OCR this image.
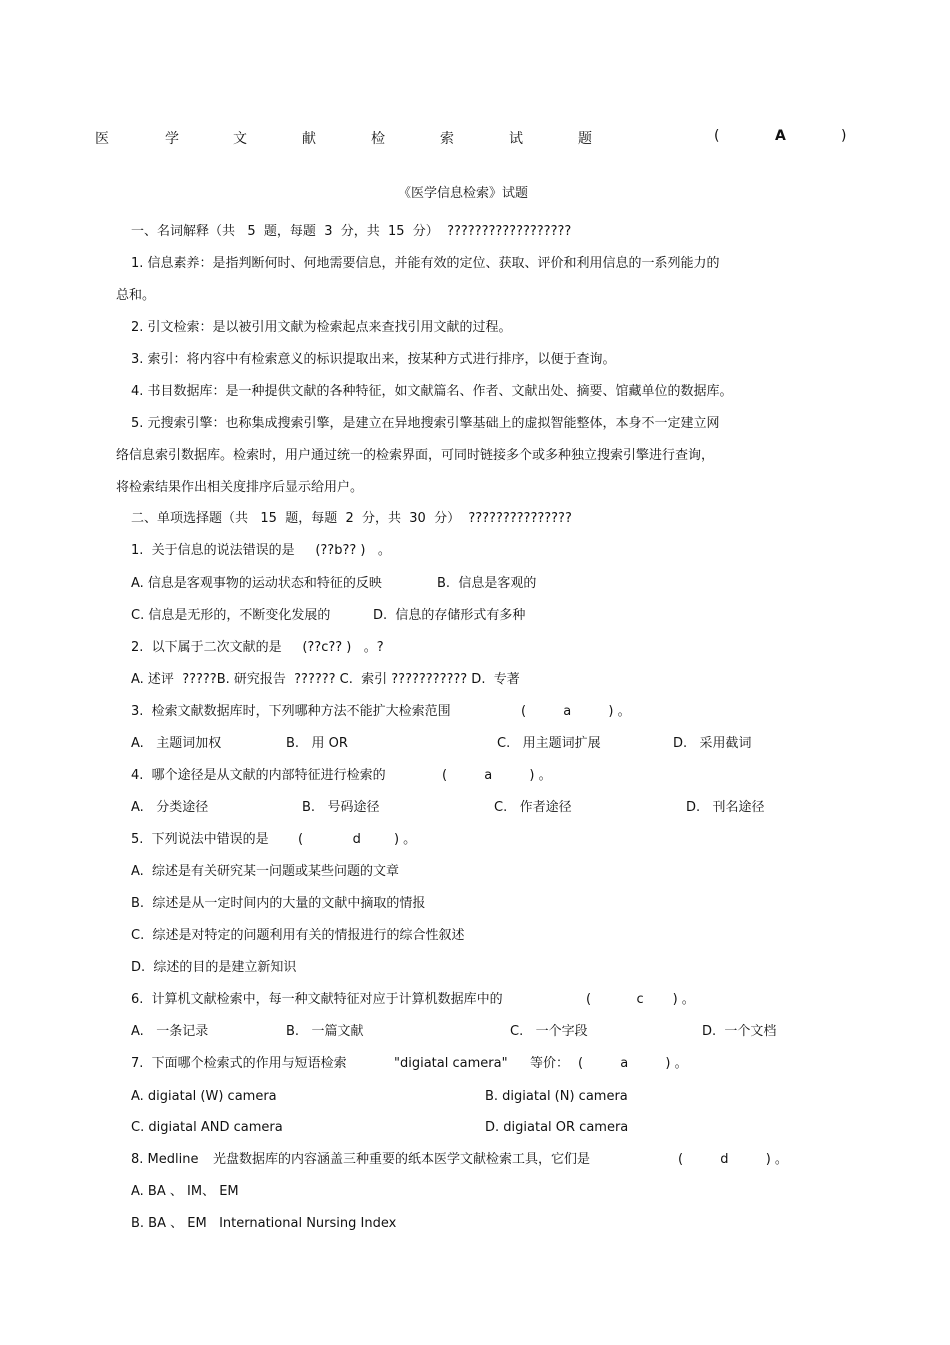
医	学	文	献	检	索	试	题	(	A	)
《医学信息检索》试题
一、名词解释（共   5  题，每题  3  分，共  15  分）  ??????????????????
1. 信息素养：是指判断何时、何地需要信息，并能有效的定位、获取、评价和利用信息的一系列能力的
总和。
2. 引文检索：是以被引用文献为检索起点来查找引用文献的过程。
3. 索引：将内容中有检索意义的标识提取出来，按某种方式进行排序，以便于查询。
4. 书目数据库：是一种提供文献的各种特征，如文献篇名、作者、文献出处、摘要、馆藏单位的数据库。
5. 元搜索引擎：也称集成搜索引擎，是建立在异地搜索引擎基础上的虚拟智能整体，本身不一定建立网
络信息索引数据库。检索时，用户通过统一的检索界面，可同时链接多个或多种独立搜索引擎进行查询，
将检索结果作出相关度排序后显示给用户。
二、单项选择题（共   15  题，每题  2  分，共  30  分）  ???????????????
1.  关于信息的说法错误的是     (??b?? )   。
A. 信息是客观事物的运动状态和特征的反映	B.  信息是客观的
C. 信息是无形的，不断变化发展的	D.  信息的存储形式有多种
2.  以下属于二次文献的是     (??c?? )   。?
A. 述评  ?????B. 研究报告  ?????? C.  索引 ??????????? D.  专著
3.  检索文献数据库时，下列哪种方法不能扩大检索范围	(         a         ) 。
A.   主题词加权	B.   用 OR	C.   用主题词扩展	D.   采用截词
4.  哪个途径是从文献的内部特征进行检索的	(         a         ) 。
A.   分类途径	B.   号码途径	C.   作者途径	D.   刊名途径
5.  下列说法中错误的是 (            d        ) 。
A.  综述是有关研究某一问题或某些问题的文章
B.  综述是从一定时间内的大量的文献中摘取的情报
C.  综述是对特定的问题利用有关的情报进行的综合性叙述
D.  综述的目的是建立新知识
6.  计算机文献检索中，每一种文献特征对应于计算机数据库中的	(           c       ) 。
A.   一条记录	B.   一篇文献	C.   一个字段	D.  一个文档
7.  下面哪个检索式的作用与短语检索	"digiatal camera" 等价： (         a         ) 。
A. digiatal (W) camera	B. digiatal (N) camera
C. digiatal AND camera	D. digiatal OR camera
8. Medline 光盘数据库的内容涵盖三种重要的纸本医学文献检索工具，它们是	(         d         ) 。
A. BA 、 IM、 EM
B. BA 、 EM   International Nursing Index
